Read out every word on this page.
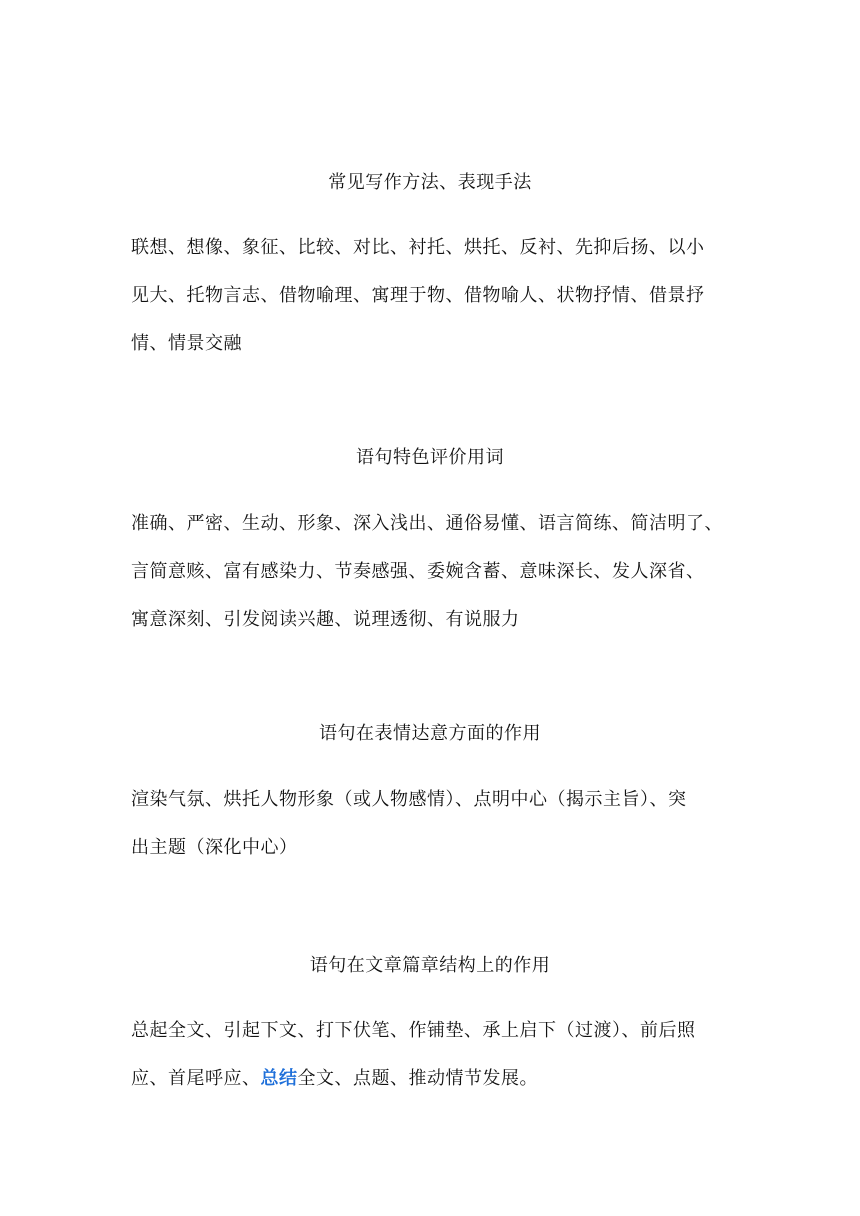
常见写作方法、表现手法
联想、想像、象征、比较、对比、衬托、烘托、反衬、先抑后扬、以小
见大、托物言志、借物喻理、寓理于物、借物喻人、状物抒情、借景抒
情、情景交融
语句特色评价用词
准确、严密、生动、形象、深入浅出、通俗易懂、语言简练、简洁明了、
言简意赅、富有感染力、节奏感强、委婉含蓄、意味深长、发人深省、
寓意深刻、引发阅读兴趣、说理透彻、有说服力
语句在表情达意方面的作用
渲染气氛、烘托人物形象（或人物感情）、点明中心（揭示主旨）、突
出主题（深化中心）
语句在文章篇章结构上的作用
总起全文、引起下文、打下伏笔、作铺垫、承上启下（过渡）、前后照
应、首尾呼应、总结全文、点题、推动情节发展。
